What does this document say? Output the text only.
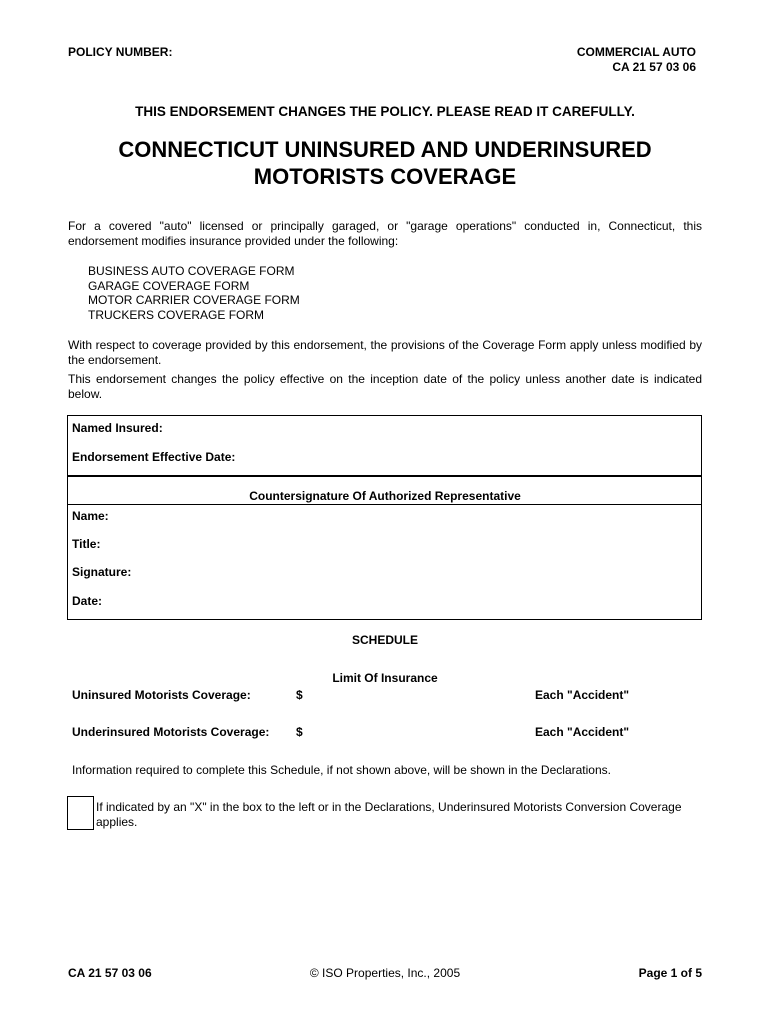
POLICY NUMBER:	COMMERCIAL AUTO
CA 21 57 03 06
THIS ENDORSEMENT CHANGES THE POLICY. PLEASE READ IT CAREFULLY.
CONNECTICUT UNINSURED AND UNDERINSURED
MOTORISTS COVERAGE
For a covered "auto" licensed or principally garaged, or "garage operations" conducted in, Connecticut, this endorsement modifies insurance provided under the following:
BUSINESS AUTO COVERAGE FORM
GARAGE COVERAGE FORM
MOTOR CARRIER COVERAGE FORM
TRUCKERS COVERAGE FORM
With respect to coverage provided by this endorsement, the provisions of the Coverage Form apply unless modified by the endorsement.
This endorsement changes the policy effective on the inception date of the policy unless another date is indicated below.
Named Insured:
Endorsement Effective Date:
Countersignature Of Authorized Representative
Name:
Title:
Signature:
Date:
SCHEDULE
Limit Of Insurance
Uninsured Motorists Coverage:	$	Each "Accident"
Underinsured Motorists Coverage: $	Each "Accident"
Information required to complete this Schedule, if not shown above, will be shown in the Declarations.
If indicated by an "X" in the box to the left or in the Declarations, Underinsured Motorists Conversion Coverage applies.
CA 21 57 03 06	© ISO Properties, Inc., 2005	Page 1 of 5
